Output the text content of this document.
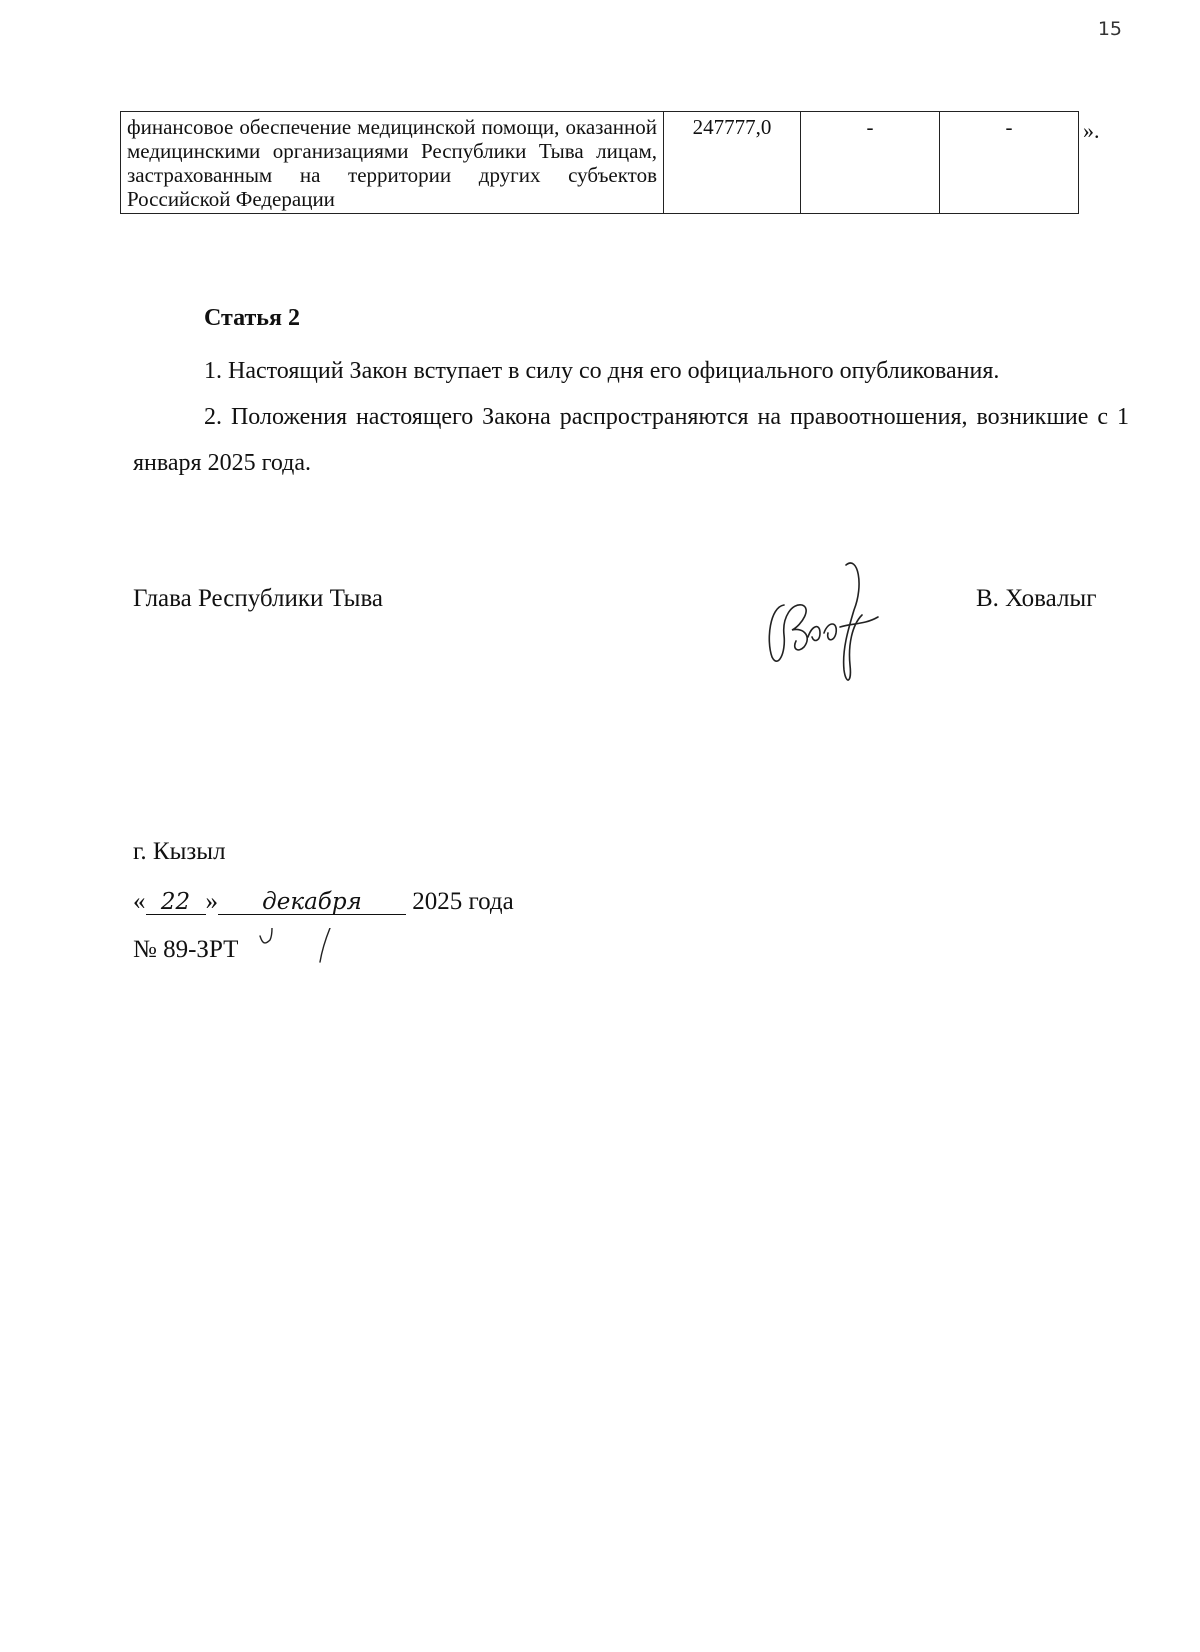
15
финансовое обеспечение медицинской помощи, оказанной медицинскими организациями Республики Тыва лицам, застрахованным на территории других субъектов Российской Федерации	247777,0	-	-	».
Статья 2
1. Настоящий Закон вступает в силу со дня его официального опубликования.
2. Положения настоящего Закона распространяются на правоотношения, возникшие с 1 января 2025 года.
Глава Республики Тыва	В. Ховалыг
г. Кызыл
« 22 » декабря 2025 года
№ 89-ЗРТ
